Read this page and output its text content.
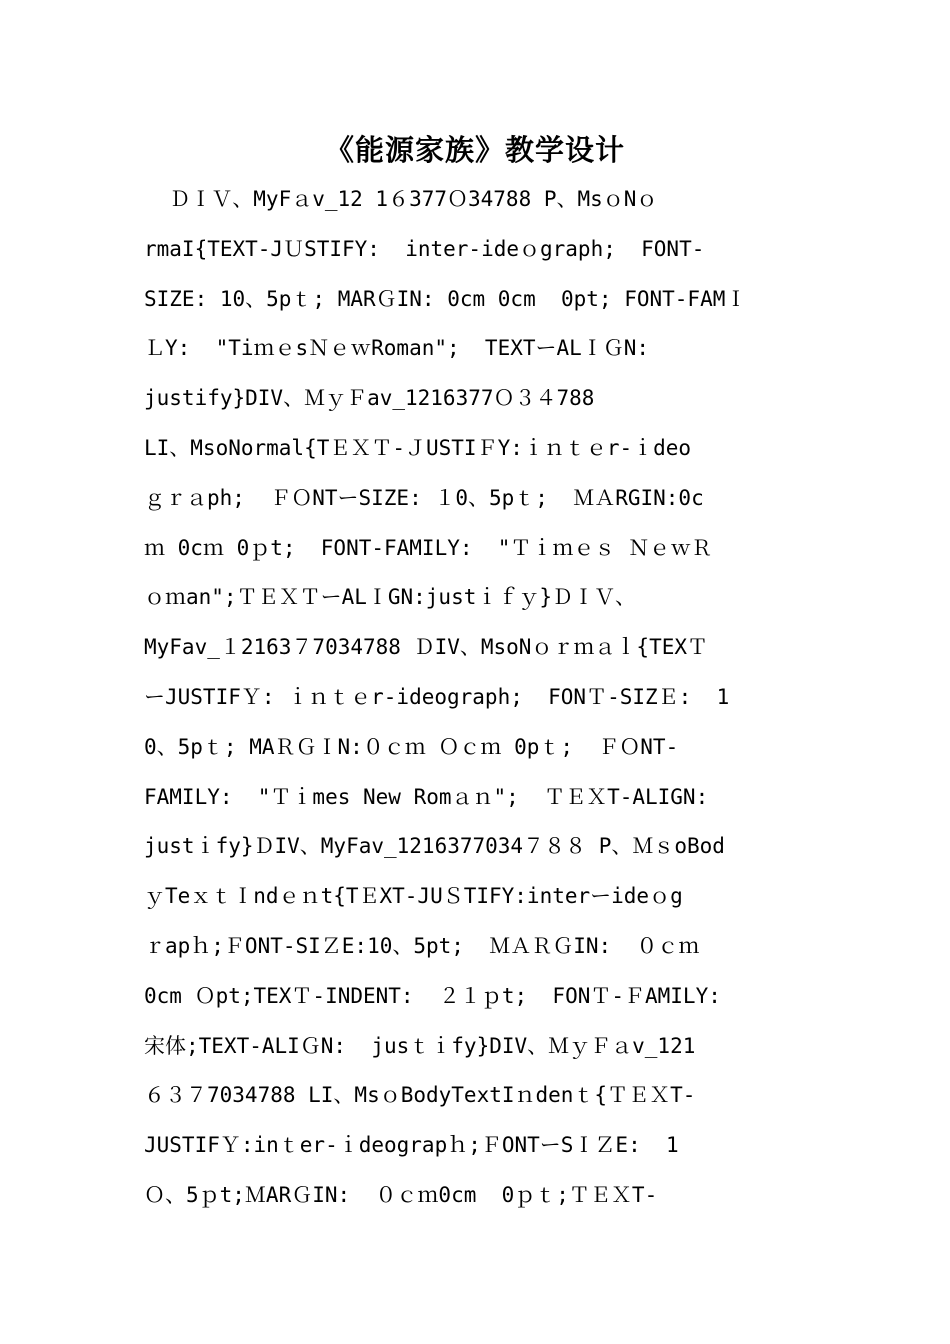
《能源家族》教学设计
ＤＩＶ、MyFａv_12 1６377Ｏ34788 P、MsｏNｏ
rmaI{TEXT-JＵSTIFY:  inter-ideｏgraph;  FONT-
SIZE: 10、5pｔ; MARＧIN: 0cm 0cm  0pt; FONT-FAMＩ
ＬY:  "TiｍｅsＮｅｗRoman";  TEXTーALＩＧN:
justify}DIV、ＭｙＦav_1216377Ｏ３４788
LI、MsoNormal{TＥＸＴ-ＪUSTIＦY:ｉｎｔｅr-ｉdeo
ｇｒａph;  ＦＯNTーSIZE: １0、5pｔ;  ＭＡRGIN:0c
ｍ 0cｍ 0ｐt;  FONT-FAMILY:  "Ｔｉｍｅｓ ＮｅｗＲ
ｏｍan";ＴＥＸＴーALＩGN:justｉｆｙ}ＤＩＶ、
MyFav_１2163７7034788 ＤIV、MsoNｏｒｍａｌ{TEXＴ
ーJUSTIFＹ: ｉｎｔｅr-ideograph;  FONＴ-SIZＥ:  1
0、5pｔ; MAＲＧＩN:０ｃｍ Ｏｃｍ 0pｔ;  ＦＯNT-
FAMILY:  "Ｔｉmes New Romａｎ";  ＴＥＸT-ALIGN:
justｉfy}ＤIV、MyFav_1216377034７８８ P、ＭｓoBod
ｙTeｘｔＩndｅｎt{TＥXT-JUＳTIFY:interーideｏg
ｒapｈ;ＦONT-SIＺE:10、5pt;  ＭＡＲＧIN:  ０ｃｍ
0cm Ｏpt;TEXＴ-INDENT:  ２１ｐt;  FONＴ-ＦAMILY:
宋体;TEXT-ALIＧN:  jusｔｉfy}DIV、ＭｙＦａv_121
６３７7034788 LI、MsｏBodyTextIｎdenｔ{ＴＥＸT-
JUSTIFＹ:inｔer-ｉdeograpｈ;ＦONTーSＩＺE:  1
Ｏ、5ｐt;ＭARＧIN:  ０ｃｍ0cm  0ｐｔ;ＴＥＸT-
